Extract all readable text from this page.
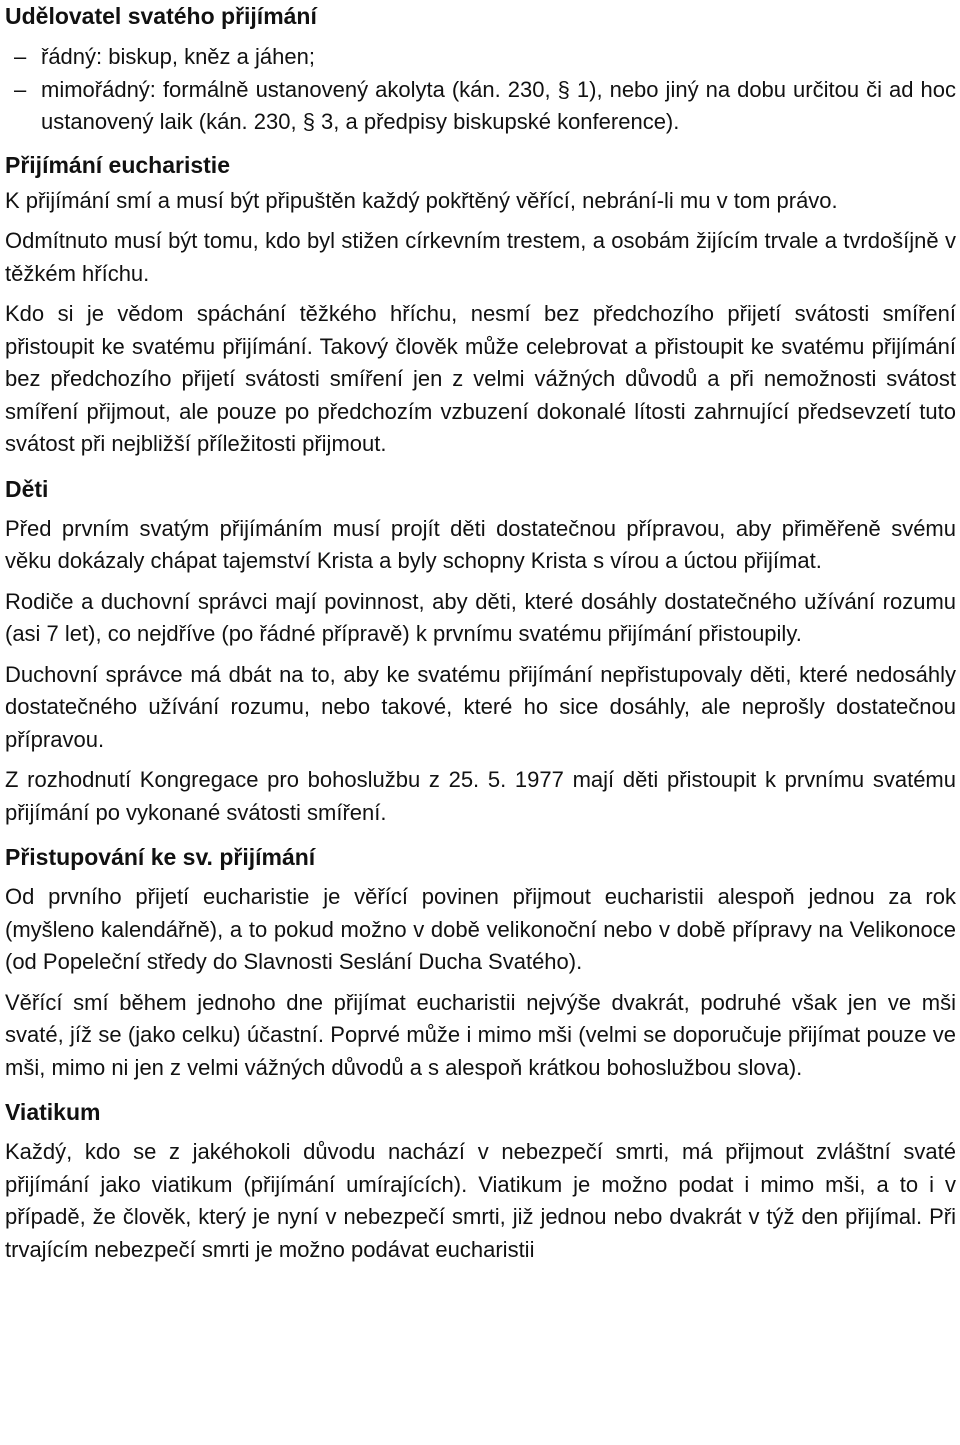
Udělovatel svatého přijímání
– řádný: biskup, kněz a jáhen;
– mimořádný: formálně ustanovený akolyta (kán. 230, § 1), nebo jiný na dobu určitou či ad hoc ustanovený laik (kán. 230, § 3, a předpisy biskupské konference).
Přijímání eucharistie

K přijímání smí a musí být připuštěn každý pokřtěný věřící, nebrání-li mu v tom právo.

Odmítnuto musí být tomu, kdo byl stižen církevním trestem, a osobám žijícím trvale a tvrdošíjně v těžkém hříchu.

Kdo si je vědom spáchání těžkého hříchu, nesmí bez předchozího přijetí svátosti smíření přistoupit ke svatému přijímání. Takový člověk může celebrovat a přistoupit ke svatému přijímání bez předchozího přijetí svátosti smíření jen z velmi vážných důvodů a při nemožnosti svátost smíření přijmout, ale pouze po předchozím vzbuzení dokonalé lítosti zahrnující předsevzetí tuto svátost při nejbližší příležitosti přijmout.

Děti

Před prvním svatým přijímáním musí projít děti dostatečnou přípravou, aby přiměřeně svému věku dokázaly chápat tajemství Krista a byly schopny Krista s vírou a úctou přijímat.

Rodiče a duchovní správci mají povinnost, aby děti, které dosáhly dostatečného užívání rozumu (asi 7 let), co nejdříve (po řádné přípravě) k prvnímu svatému přijímání přistoupily.

Duchovní správce má dbát na to, aby ke svatému přijímání nepřistupovaly děti, které nedosáhly dostatečného užívání rozumu, nebo takové, které ho sice dosáhly, ale neprošly dostatečnou přípravou.

Z rozhodnutí Kongregace pro bohoslužbu z 25. 5. 1977 mají děti přistoupit k prvnímu svatému přijímání po vykonané svátosti smíření.

Přistupování ke sv. přijímání

Od prvního přijetí eucharistie je věřící povinen přijmout eucharistii alespoň jednou za rok (myšleno kalendářně), a to pokud možno v době velikonoční nebo v době přípravy na Velikonoce (od Popeleční středy do Slavnosti Seslání Ducha Svatého).

Věřící smí během jednoho dne přijímat eucharistii nejvýše dvakrát, podruhé však jen ve mši svaté, jíž se (jako celku) účastní. Poprvé může i mimo mši (velmi se doporučuje přijímat pouze ve mši, mimo ni jen z velmi vážných důvodů a s alespoň krátkou bohoslužbou slova).

Viatikum

Každý, kdo se z jakéhokoli důvodu nachází v nebezpečí smrti, má přijmout zvláštní svaté přijímání jako viatikum (přijímání umírajících). Viatikum je možno podat i mimo mši, a to i v případě, že člověk, který je nyní v nebezpečí smrti, již jednou nebo dvakrát v týž den přijímal. Při trvajícím nebezpečí smrti je možno podávat eucharistii
